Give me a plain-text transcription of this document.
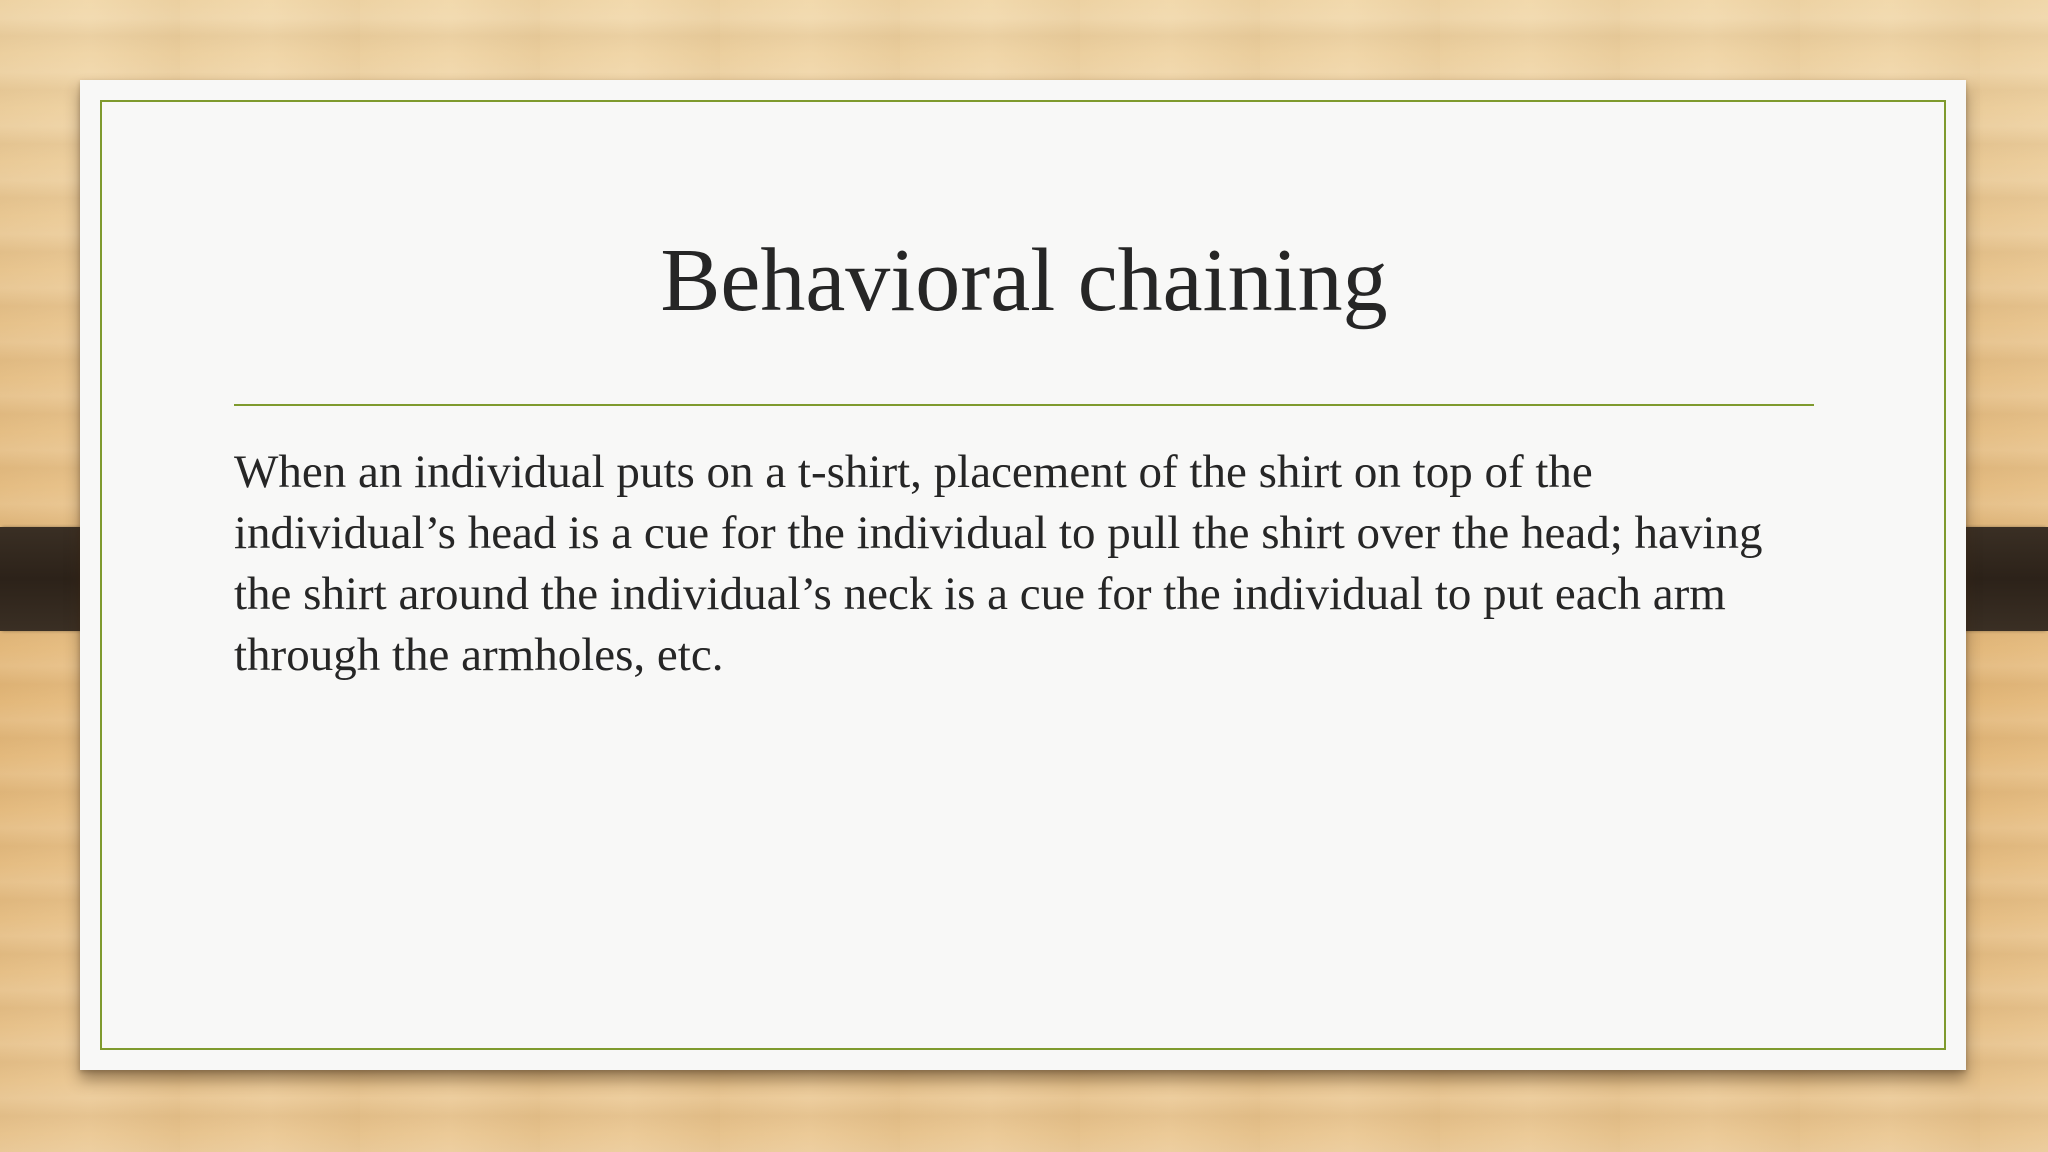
Behavioral chaining

When an individual puts on a t-shirt, placement of the shirt on top of the individual’s head is a cue for the individual to pull the shirt over the head; having the shirt around the individual’s neck is a cue for the individual to put each arm through the armholes, etc.
